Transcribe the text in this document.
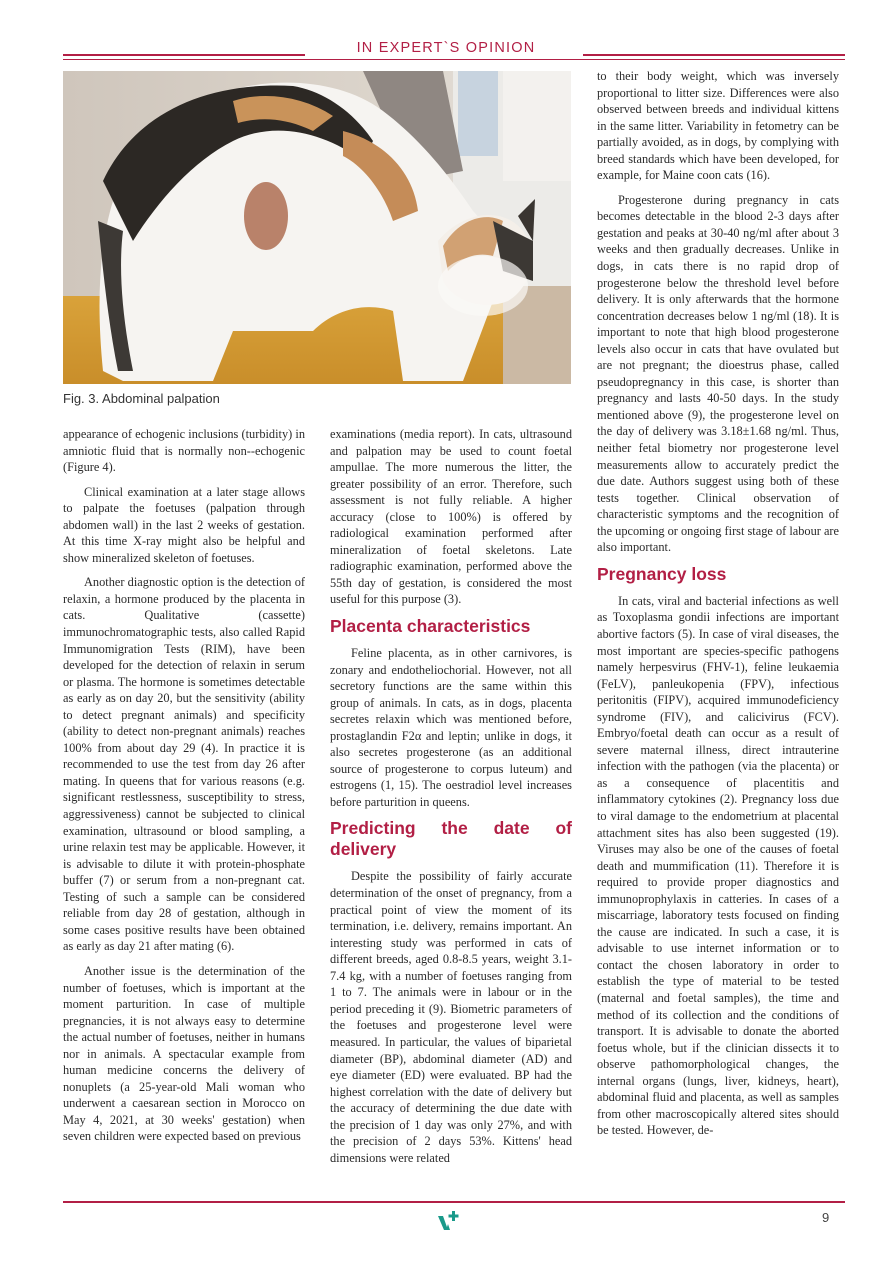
IN EXPERT`S OPINION
Fig. 3. Abdominal palpation

appearance of echogenic inclusions (turbidity) in amniotic fluid that is normally non--echogenic (Figure 4).

Clinical examination at a later stage allows to palpate the foetuses (palpation through abdomen wall) in the last 2 weeks of gestation. At this time X-ray might also be helpful and show mineralized skeleton of foetuses.

Another diagnostic option is the detection of relaxin, a hormone produced by the placenta in cats. Qualitative (cassette) immunochromatographic tests, also called Rapid Immunomigration Tests (RIM), have been developed for the detection of relaxin in serum or plasma. The hormone is sometimes detectable as early as on day 20, but the sensitivity (ability to detect pregnant animals) and specificity (ability to detect non-pregnant animals) reaches 100% from about day 29 (4). In practice it is recommended to use the test from day 26 after mating. In queens that for various reasons (e.g. significant restlessness, susceptibility to stress, aggressiveness) cannot be subjected to clinical examination, ultrasound or blood sampling, a urine relaxin test may be applicable. However, it is advisable to dilute it with protein-phosphate buffer (7) or serum from a non-pregnant cat. Testing of such a sample can be considered reliable from day 28 of gestation, although in some cases positive results have been obtained as early as day 21 after mating (6).

Another issue is the determination of the number of foetuses, which is important at the moment parturition. In case of multiple pregnancies, it is not always easy to determine the actual number of foetuses, neither in humans nor in animals. A spectacular example from human medicine concerns the delivery of nonuplets (a 25-year-old Mali woman who underwent a caesarean section in Morocco on May 4, 2021, at 30 weeks' gestation) when seven children were expected based on previous

examinations (media report). In cats, ultrasound and palpation may be used to count foetal ampullae. The more numerous the litter, the greater possibility of an error. Therefore, such assessment is not fully reliable. A higher accuracy (close to 100%) is offered by radiological examination performed after mineralization of foetal skeletons. Late radiographic examination, performed above the 55th day of gestation, is considered the most useful for this purpose (3).

Placenta characteristics

Feline placenta, as in other carnivores, is zonary and endotheliochorial. However, not all secretory functions are the same within this group of animals. In cats, as in dogs, placenta secretes relaxin which was mentioned before, prostaglandin F2α and leptin; unlike in dogs, it also secretes progesterone (as an additional source of progesterone to corpus luteum) and estrogens (1, 15). The oestradiol level increases before parturition in queens.

Predicting the date of delivery

Despite the possibility of fairly accurate determination of the onset of pregnancy, from a practical point of view the moment of its termination, i.e. delivery, remains important. An interesting study was performed in cats of different breeds, aged 0.8-8.5 years, weight 3.1-7.4 kg, with a number of foetuses ranging from 1 to 7. The animals were in labour or in the period preceding it (9). Biometric parameters of the foetuses and progesterone level were measured. In particular, the values of biparietal diameter (BP), abdominal diameter (AD) and eye diameter (ED) were evaluated. BP had the highest correlation with the date of delivery but the accuracy of determining the due date with the precision of 1 day was only 27%, and with the precision of 2 days 53%. Kittens' head dimensions were related

to their body weight, which was inversely proportional to litter size. Differences were also observed between breeds and individual kittens in the same litter. Variability in fetometry can be partially avoided, as in dogs, by complying with breed standards which have been developed, for example, for Maine coon cats (16).

Progesterone during pregnancy in cats becomes detectable in the blood 2-3 days after gestation and peaks at 30-40 ng/ml after about 3 weeks and then gradually decreases. Unlike in dogs, in cats there is no rapid drop of progesterone below the threshold level before delivery. It is only afterwards that the hormone concentration decreases below 1 ng/ml (18). It is important to note that high blood progesterone levels also occur in cats that have ovulated but are not pregnant; the dioestrus phase, called pseudopregnancy in this case, is shorter than pregnancy and lasts 40-50 days. In the study mentioned above (9), the progesterone level on the day of delivery was 3.18±1.68 ng/ml. Thus, neither fetal biometry nor progesterone level measurements allow to accurately predict the due date. Authors suggest using both of these tests together. Clinical observation of characteristic symptoms and the recognition of the upcoming or ongoing first stage of labour are also important.

Pregnancy loss

In cats, viral and bacterial infections as well as Toxoplasma gondii infections are important abortive factors (5). In case of viral diseases, the most important are species-specific pathogens namely herpesvirus (FHV-1), feline leukaemia (FeLV), panleukopenia (FPV), infectious peritonitis (FIPV), acquired immunodeficiency syndrome (FIV), and calicivirus (FCV). Embryo/foetal death can occur as a result of severe maternal illness, direct intrauterine infection with the pathogen (via the placenta) or as a consequence of placentitis and inflammatory cytokines (2). Pregnancy loss due to viral damage to the endometrium at placental attachment sites has also been suggested (19). Viruses may also be one of the causes of foetal death and mummification (11). Therefore it is required to provide proper diagnostics and immunoprophylaxis in catteries. In cases of a miscarriage, laboratory tests focused on finding the cause are indicated. In such a case, it is advisable to use internet information or to contact the chosen laboratory in order to establish the type of material to be tested (maternal and foetal samples), the time and method of its collection and the conditions of transport. It is advisable to donate the aborted foetus whole, but if the clinician dissects it to observe pathomorphological changes, the internal organs (lungs, liver, kidneys, heart), abdominal fluid and placenta, as well as samples from other macroscopically altered sites should be tested. However, de-

9
